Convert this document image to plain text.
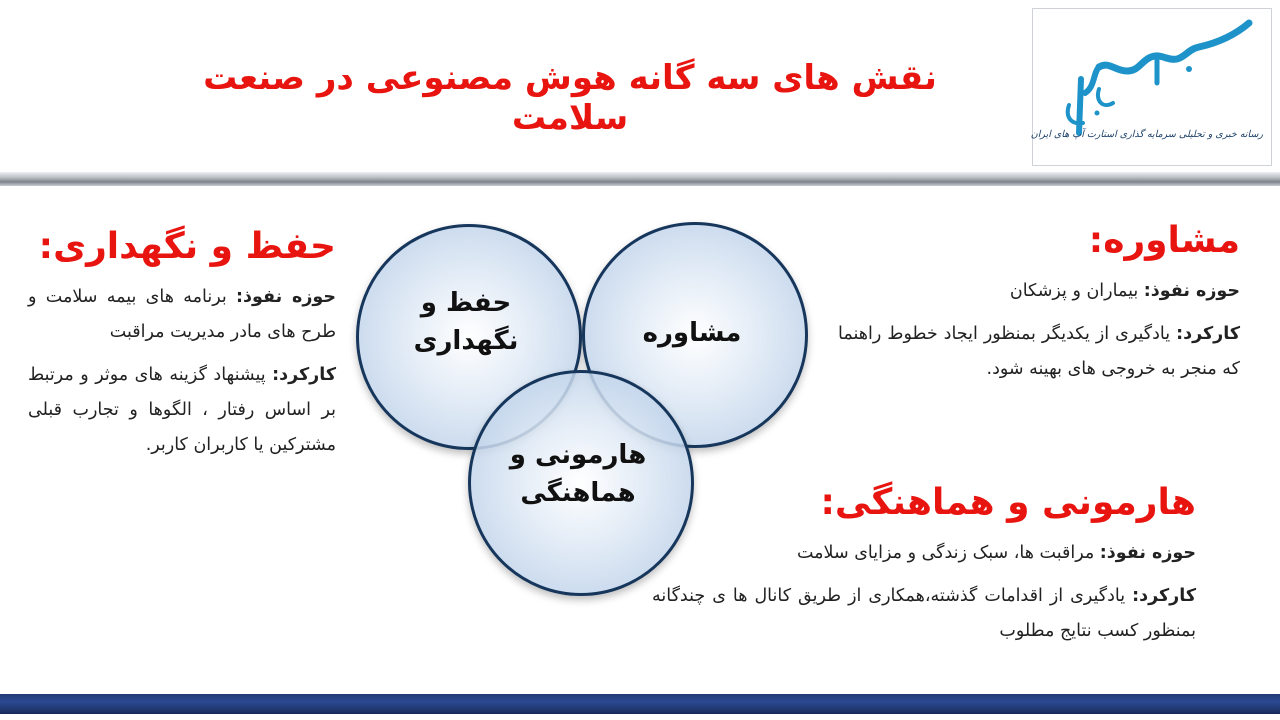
نقش های سه گانه هوش مصنوعی در صنعت سلامت	رسانه خبری و تحلیلی سرمایه گذاری استارت آپ های ایران
حفظ و نگهداری	مشاوره
هارمونی و هماهنگی
مشاوره:

حوزه نفوذ: بیماران و پزشکان

کارکرد: یادگیری از یکدیگر بمنظور ایجاد خطوط راهنما که منجر به خروجی های بهینه شود.

هارمونی و هماهنگی:

حوزه نفوذ: مراقبت ها، سبک زندگی و مزایای سلامت

کارکرد: یادگیری از اقدامات گذشته،همکاری از طریق کانال ها ی چندگانه بمنظور کسب نتایج مطلوب

حفظ و نگهداری:

حوزه نفوذ: برنامه های بیمه سلامت و طرح های مادر مدیریت مراقبت

کارکرد: پیشنهاد گزینه های موثر و مرتبط بر اساس رفتار ، الگوها و تجارب قبلی مشترکین یا کاربران کاربر.
